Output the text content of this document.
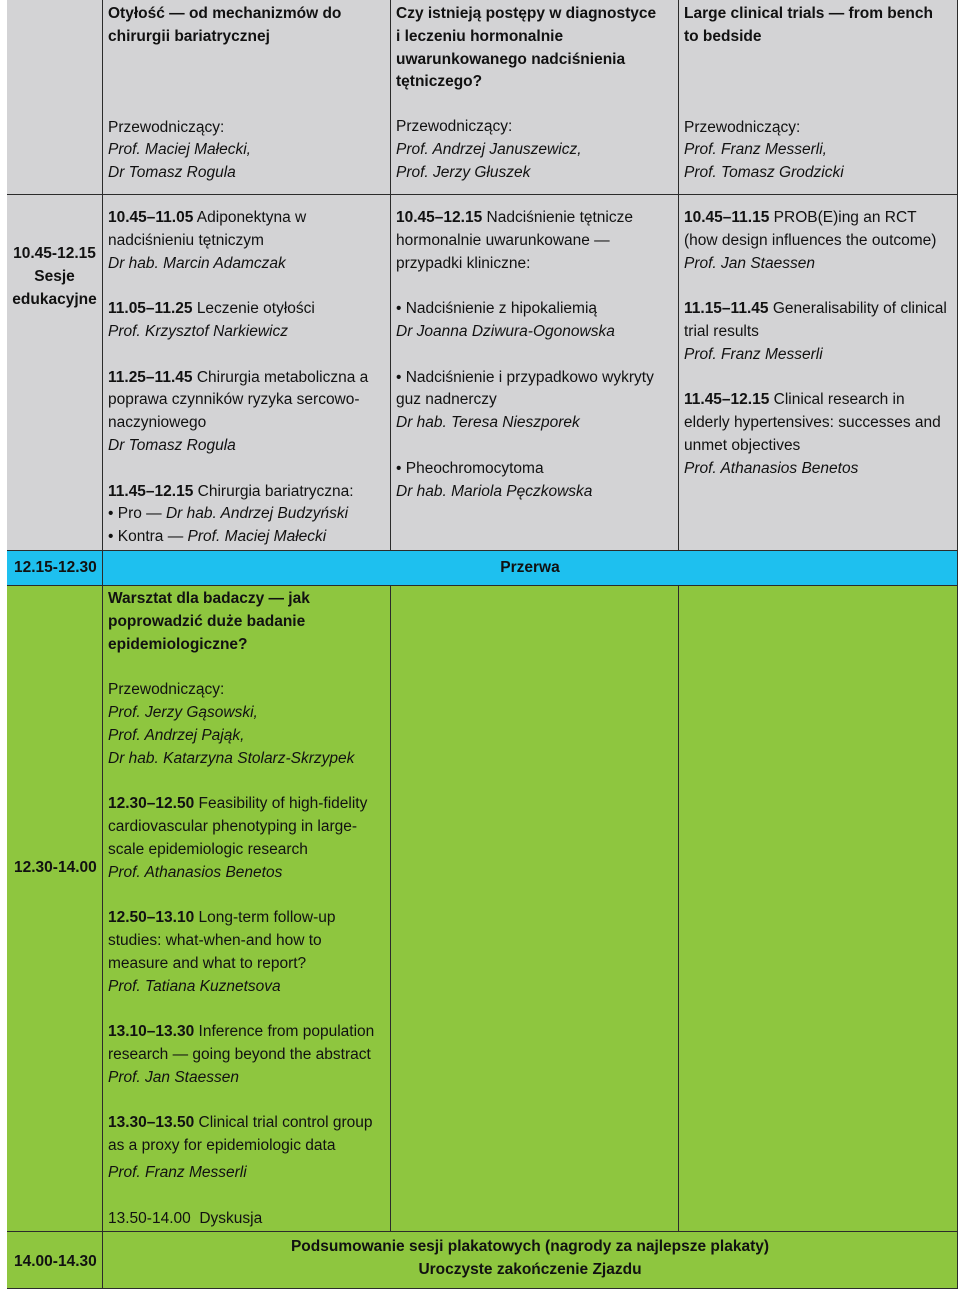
Otyłość — od mechanizmów do chirurgii bariatrycznej
Przewodniczący:
Prof. Maciej Małecki,
Dr Tomasz Rogula
Czy istnieją postępy w diagnostyce i leczeniu hormonalnie uwarunkowanego nadciśnienia tętniczego?
Przewodniczący:
Prof. Andrzej Januszewicz,
Prof. Jerzy Głuszek
Large clinical trials — from bench to bedside
Przewodniczący:
Prof. Franz Messerli,
Prof. Tomasz Grodzicki
10.45-12.15
Sesje
edukacyjne
10.45–11.05 Adiponektyna w nadciśnieniu tętniczym
Dr hab. Marcin Adamczak
11.05–11.25 Leczenie otyłości
Prof. Krzysztof Narkiewicz
11.25–11.45 Chirurgia metaboliczna a poprawa czynników ryzyka sercowo-naczyniowego
Dr Tomasz Rogula
11.45–12.15 Chirurgia bariatryczna:
• Pro — Dr hab. Andrzej Budzyński
• Kontra — Prof. Maciej Małecki
10.45–12.15 Nadciśnienie tętnicze hormonalnie uwarunkowane — przypadki kliniczne:
• Nadciśnienie z hipokaliemią
Dr Joanna Dziwura-Ogonowska
• Nadciśnienie i przypadkowo wykryty guz nadnerczy
Dr hab. Teresa Nieszporek
• Pheochromocytoma
Dr hab. Mariola Pęczkowska
10.45–11.15 PROB(E)ing an RCT (how design influences the outcome)
Prof. Jan Staessen
11.15–11.45 Generalisability of clinical trial results
Prof. Franz Messerli
11.45–12.15 Clinical research in elderly hypertensives: successes and unmet objectives
Prof. Athanasios Benetos
12.15-12.30	Przerwa
12.30-14.00
Warsztat dla badaczy — jak poprowadzić duże badanie epidemiologiczne?
Przewodniczący:
Prof. Jerzy Gąsowski,
Prof. Andrzej Pająk,
Dr hab. Katarzyna Stolarz-Skrzypek
12.30–12.50 Feasibility of high-fidelity cardiovascular phenotyping in large-scale epidemiologic research
Prof. Athanasios Benetos
12.50–13.10 Long-term follow-up studies: what-when-and how to measure and what to report?
Prof. Tatiana Kuznetsova
13.10–13.30 Inference from population research — going beyond the abstract
Prof. Jan Staessen
13.30–13.50 Clinical trial control group as a proxy for epidemiologic data
Prof. Franz Messerli
13.50-14.00  Dyskusja
14.00-14.30
Podsumowanie sesji plakatowych (nagrody za najlepsze plakaty)
Uroczyste zakończenie Zjazdu
